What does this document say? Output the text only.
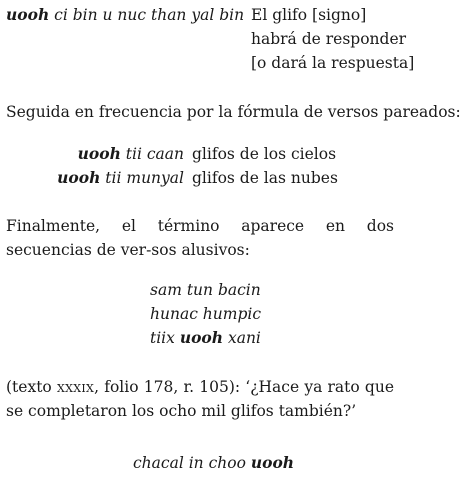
uooh ci bin u nuc than yal bin El glifo [signo]
habrá de responder
[o dará la respuesta]
Seguida en frecuencia por la fórmula de versos pareados:
uooh tii caan glifos de los cielos
uooh tii munyal glifos de las nubes

Finalmente, el término aparece en dos secuencias de ver-sos alusivos:

sam tun bacin
hunac humpic
tiix uooh xani

(texto xxxix, folio 178, r. 105): ‘¿Hace ya rato que se completaron los ocho mil glifos también?’

chacal in choo uooh
